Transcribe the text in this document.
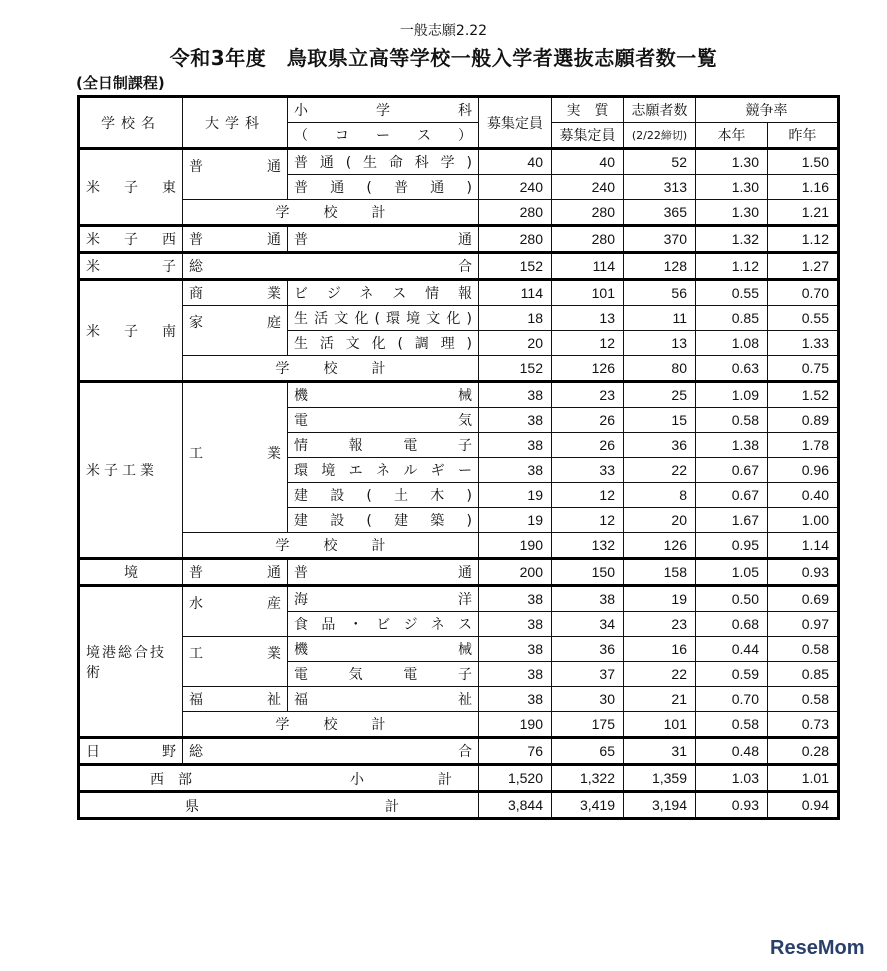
一般志願2.22
令和3年度　鳥取県立高等学校一般入学者選抜志願者数一覧
(全日制課程)
学校名	大学科	小　学　科	募集定員	実　質	志願者数	競争率	
		（　コ　ー　ス　）		募集定員	(2/22締切)	本年	昨年
米子東	普通	普通(生命科学)	40	40	52	1.30	1.50
		普通(普通)	240	240	313	1.30	1.16
	学　校　計		280	280	365	1.30	1.21
米子西	普通	普通	280	280	370	1.32	1.12
米子	総合		152	114	128	1.12	1.27
米子南	商業	ビジネス情報	114	101	56	0.55	0.70
	家庭	生活文化(環境文化)	18	13	11	0.85	0.55
		生活文化(調理)	20	12	13	1.08	1.33
	学　校　計		152	126	80	0.63	0.75
米子工業	工業	機械	38	23	25	1.09	1.52
		電気	38	26	15	0.58	0.89
		情報電子	38	26	36	1.38	1.78
		環境エネルギー	38	33	22	0.67	0.96
		建設(土木)	19	12	8	0.67	0.40
		建設(建築)	19	12	20	1.67	1.00
	学　校　計		190	132	126	0.95	1.14
境	普通	普通	200	150	158	1.05	0.93
境港総合技術	水産	海洋	38	38	19	0.50	0.69
		食品・ビジネス	38	34	23	0.68	0.97
	工業	機械	38	36	16	0.44	0.58
		電気電子	38	37	22	0.59	0.85
	福祉	福祉	38	30	21	0.70	0.58
	学　校　計		190	175	101	0.58	0.73
日野	総合		76	65	31	0.48	0.28

西　部 小　計			1,520	1,322	1,359	1.03	1.01

県 計			3,844	3,419	3,194	0.93	0.94
ReseMom
